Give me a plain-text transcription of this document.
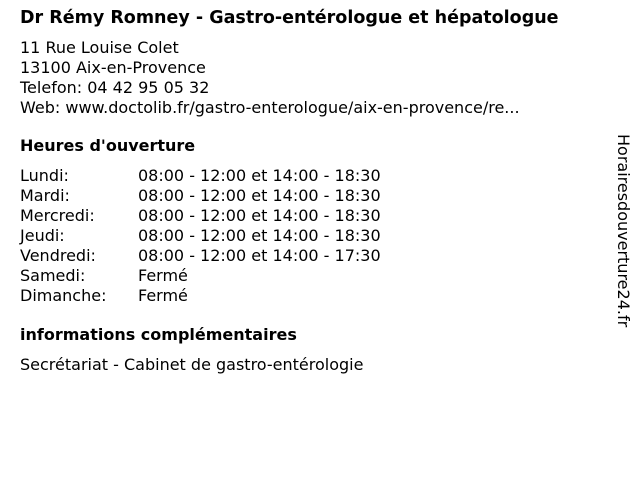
Dr Rémy Romney - Gastro-entérologue et hépatologue
11 Rue Louise Colet
13100 Aix-en-Provence
Telefon: 04 42 95 05 32
Web: www.doctolib.fr/gastro-enterologue/aix-en-provence/re...
Heures d'ouverture
Lundi:	08:00 - 12:00 et 14:00 - 18:30
Mardi:	08:00 - 12:00 et 14:00 - 18:30
Mercredi:	08:00 - 12:00 et 14:00 - 18:30
Jeudi:	08:00 - 12:00 et 14:00 - 18:30
Vendredi:	08:00 - 12:00 et 14:00 - 17:30
Samedi:	Fermé
Dimanche:	Fermé
informations complémentaires
Secrétariat - Cabinet de gastro-entérologie
Horairesdouverture24.fr
